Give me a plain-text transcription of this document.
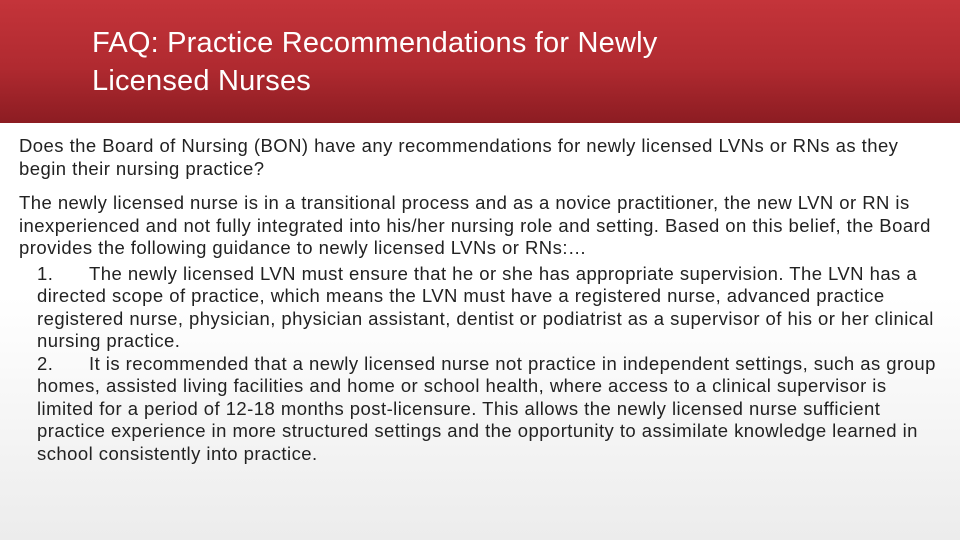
FAQ: Practice Recommendations for Newly
Licensed Nurses
Does the Board of Nursing (BON) have any recommendations for newly licensed LVNs or RNs as they begin their nursing practice?
The newly licensed nurse is in a transitional process and as a novice practitioner, the new LVN or RN is inexperienced and not fully integrated into his/her nursing role and setting. Based on this belief, the Board provides the following guidance to newly licensed LVNs or RNs:…
1. The newly licensed LVN must ensure that he or she has appropriate supervision. The LVN has a directed scope of practice, which means the LVN must have a registered nurse, advanced practice registered nurse, physician, physician assistant, dentist or podiatrist as a supervisor of his or her clinical nursing practice.
2. It is recommended that a newly licensed nurse not practice in independent settings, such as group homes, assisted living facilities and home or school health, where access to a clinical supervisor is limited for a period of 12-18 months post-licensure. This allows the newly licensed nurse sufficient practice experience in more structured settings and the opportunity to assimilate knowledge learned in school consistently into practice.
